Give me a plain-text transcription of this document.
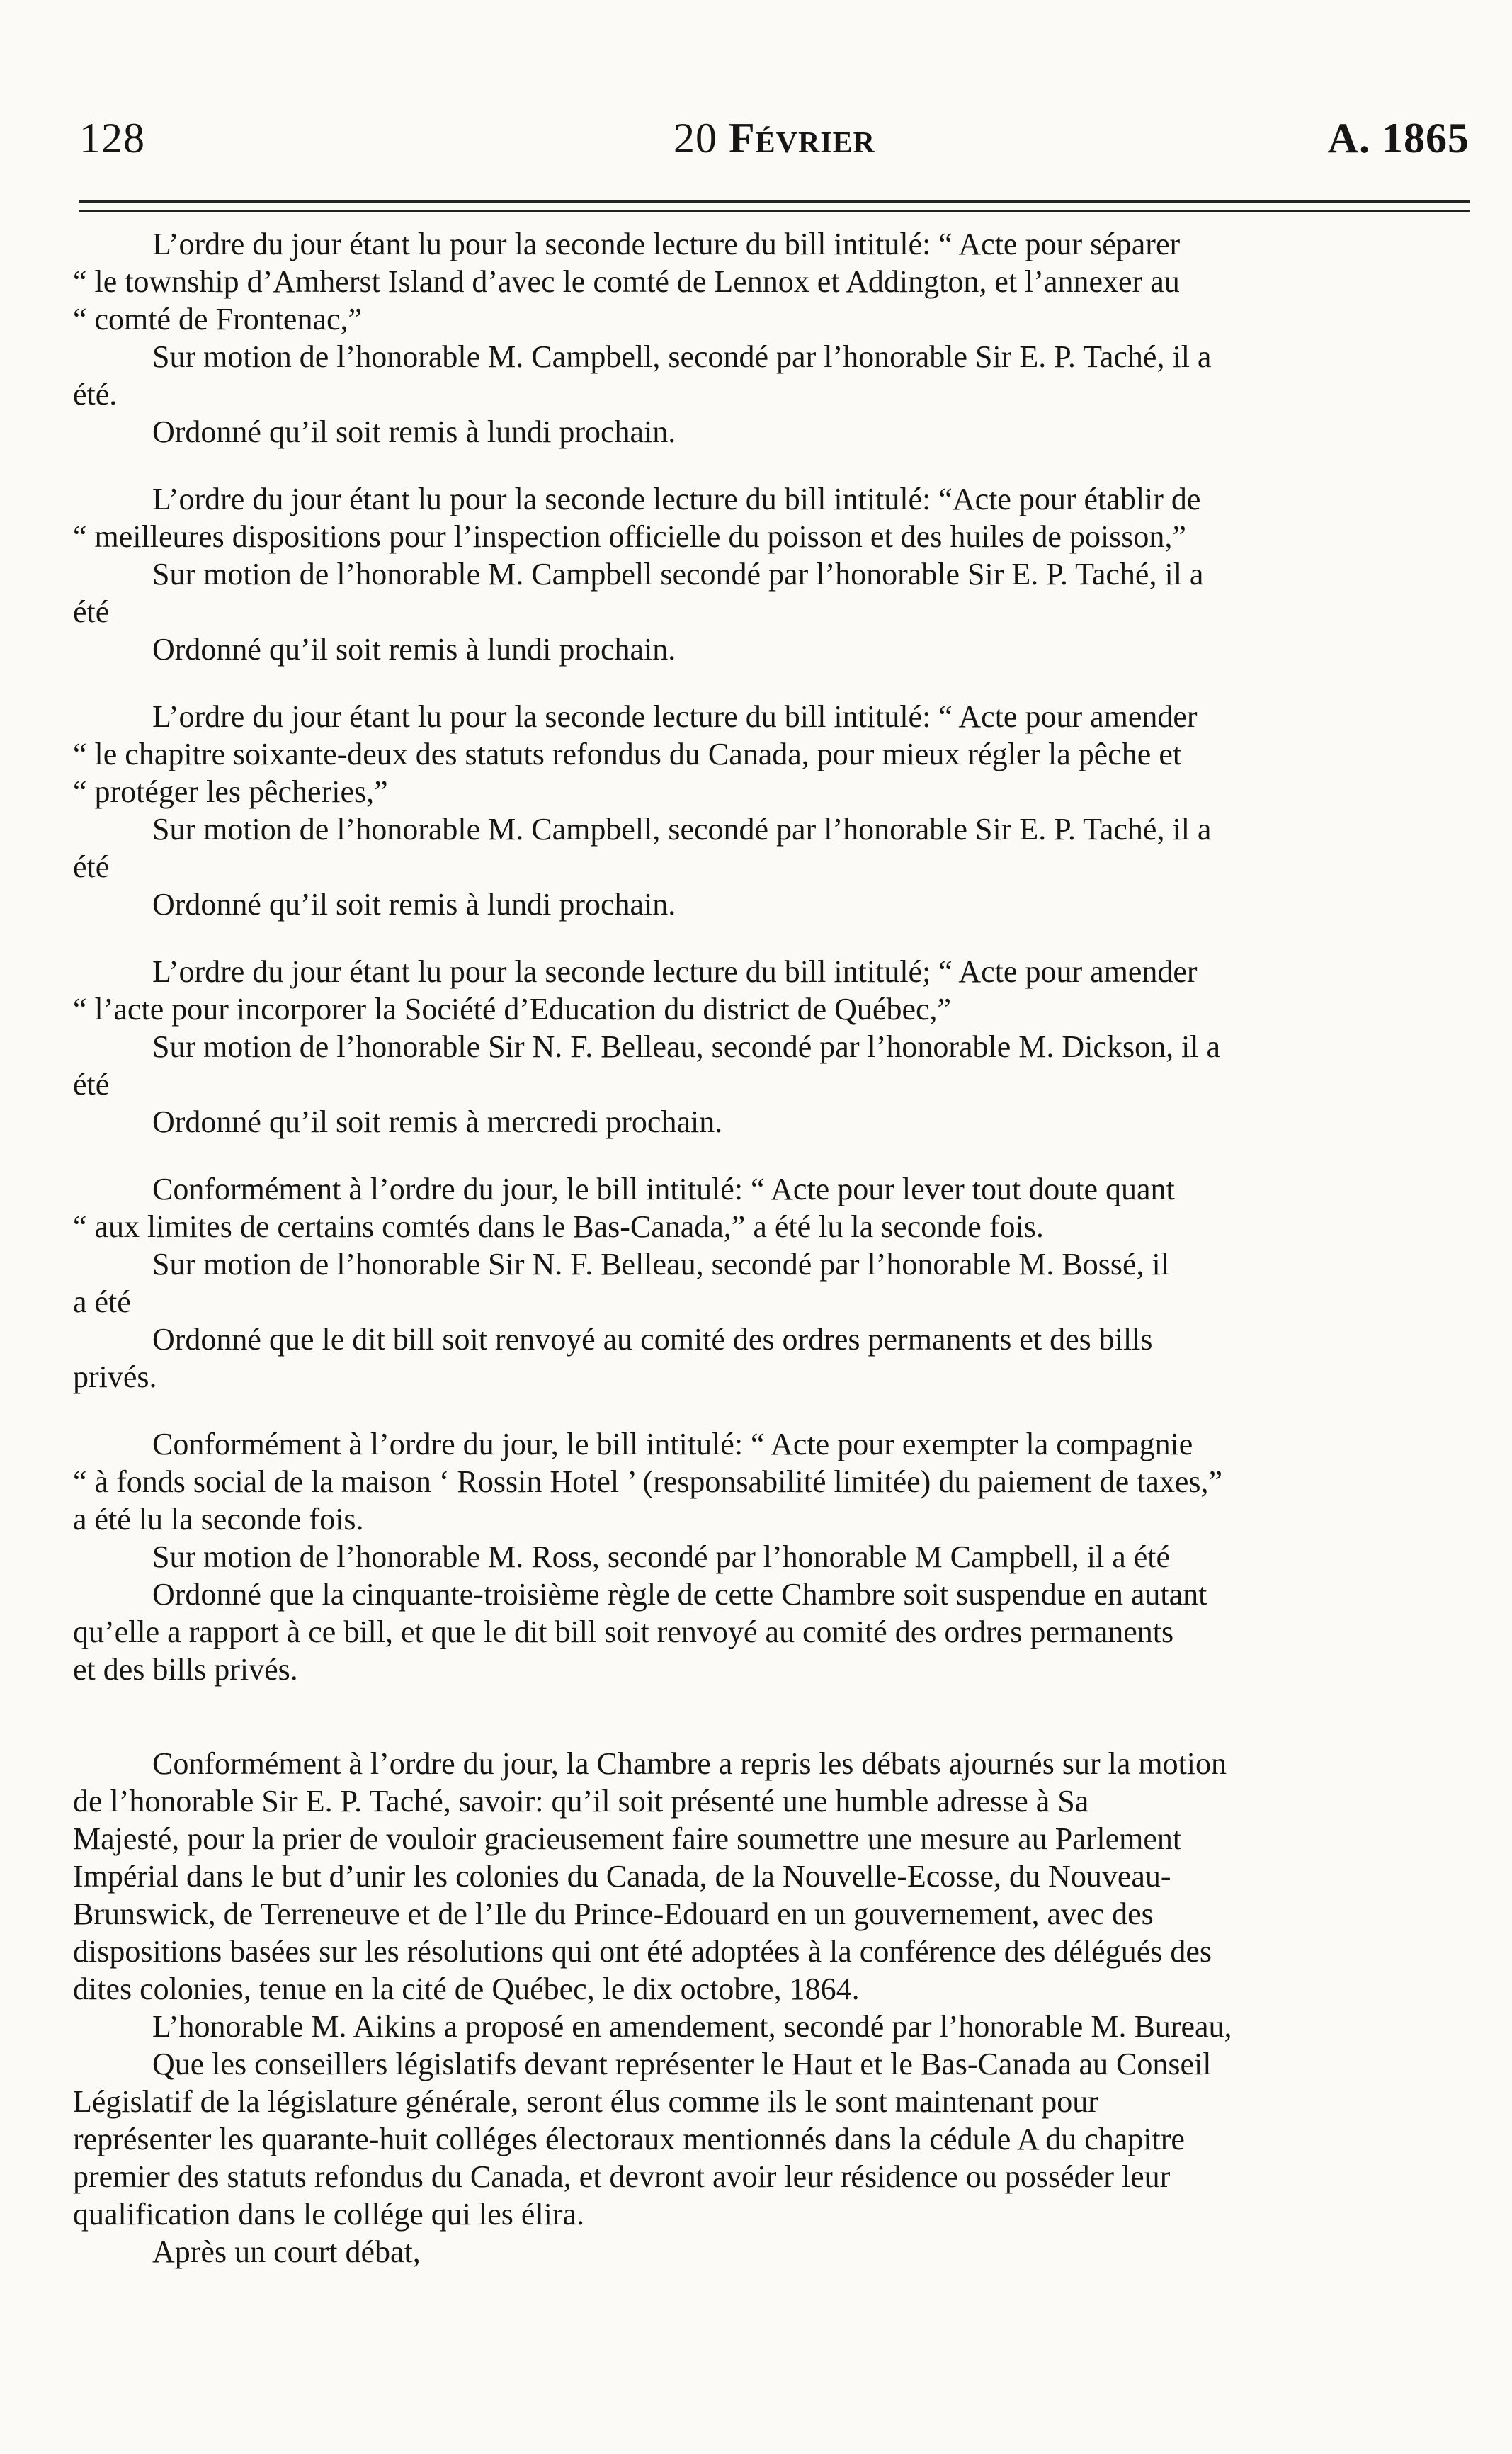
128	20 Février	A. 1865

L’ordre du jour étant lu pour la seconde lecture du bill intitulé: “ Acte pour séparer

“ le township d’Amherst Island d’avec le comté de Lennox et Addington, et l’annexer au

“ comté de Frontenac,”

Sur motion de l’honorable M. Campbell, secondé par l’honorable Sir E. P. Taché, il a

été.

Ordonné qu’il soit remis à lundi prochain.

L’ordre du jour étant lu pour la seconde lecture du bill intitulé: “Acte pour établir de

“ meilleures dispositions pour l’inspection officielle du poisson et des huiles de poisson,”

Sur motion de l’honorable M. Campbell secondé par l’honorable Sir E. P. Taché, il a

été

Ordonné qu’il soit remis à lundi prochain.

L’ordre du jour étant lu pour la seconde lecture du bill intitulé: “ Acte pour amender

“ le chapitre soixante-deux des statuts refondus du Canada, pour mieux régler la pêche et

“ protéger les pêcheries,”

Sur motion de l’honorable M. Campbell, secondé par l’honorable Sir E. P. Taché, il a

été

Ordonné qu’il soit remis à lundi prochain.

L’ordre du jour étant lu pour la seconde lecture du bill intitulé; “ Acte pour amender

“ l’acte pour incorporer la Société d’Education du district de Québec,”

Sur motion de l’honorable Sir N. F. Belleau, secondé par l’honorable M. Dickson, il a

été

Ordonné qu’il soit remis à mercredi prochain.

Conformément à l’ordre du jour, le bill intitulé: “ Acte pour lever tout doute quant

“ aux limites de certains comtés dans le Bas-Canada,” a été lu la seconde fois.

Sur motion de l’honorable Sir N. F. Belleau, secondé par l’honorable M. Bossé, il

a été

Ordonné que le dit bill soit renvoyé au comité des ordres permanents et des bills

privés.

Conformément à l’ordre du jour, le bill intitulé: “ Acte pour exempter la compagnie

“ à fonds social de la maison ‘ Rossin Hotel ’ (responsabilité limitée) du paiement de taxes,”

a été lu la seconde fois.

Sur motion de l’honorable M. Ross, secondé par l’honorable M Campbell, il a été

Ordonné que la cinquante-troisième règle de cette Chambre soit suspendue en autant

qu’elle a rapport à ce bill, et que le dit bill soit renvoyé au comité des ordres permanents

et des bills privés.

Conformément à l’ordre du jour, la Chambre a repris les débats ajournés sur la motion

de l’honorable Sir E. P. Taché, savoir: qu’il soit présenté une humble adresse à Sa

Majesté, pour la prier de vouloir gracieusement faire soumettre une mesure au Parlement

Impérial dans le but d’unir les colonies du Canada, de la Nouvelle-Ecosse, du Nouveau-

Brunswick, de Terreneuve et de l’Ile du Prince-Edouard en un gouvernement, avec des

dispositions basées sur les résolutions qui ont été adoptées à la conférence des délégués des

dites colonies, tenue en la cité de Québec, le dix octobre, 1864.

L’honorable M. Aikins a proposé en amendement, secondé par l’honorable M. Bureau,

Que les conseillers législatifs devant représenter le Haut et le Bas-Canada au Conseil

Législatif de la législature générale, seront élus comme ils le sont maintenant pour

représenter les quarante-huit colléges électoraux mentionnés dans la cédule A du chapitre

premier des statuts refondus du Canada, et devront avoir leur résidence ou posséder leur

qualification dans le collége qui les élira.

Après un court débat,
